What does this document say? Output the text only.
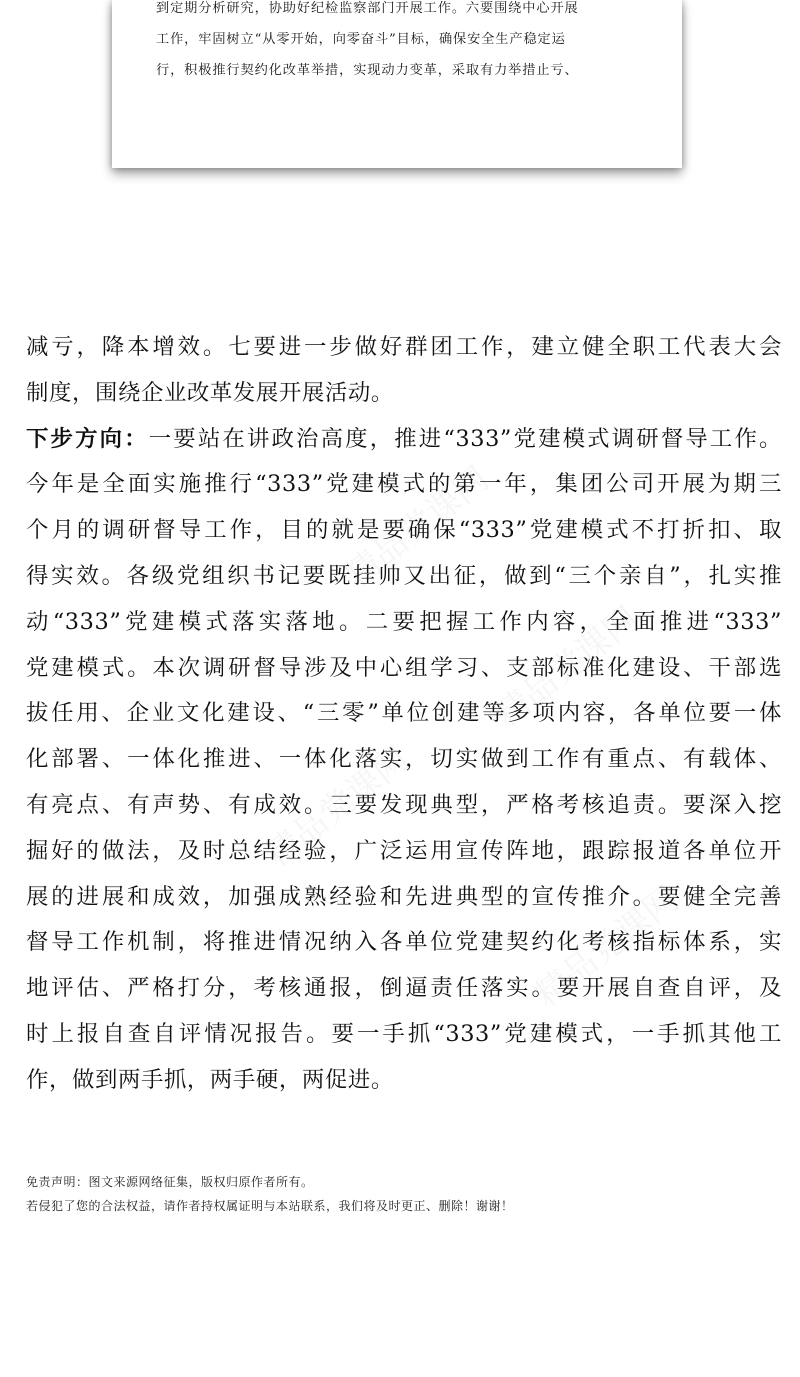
精品党课网
精品党课网
精品党课网
精品党课网
到定期分析研究，协助好纪检监察部门开展工作。六要围绕中心开展
工作，牢固树立“从零开始，向零奋斗”目标，确保安全生产稳定运
行，积极推行契约化改革举措，实现动力变革，采取有力举措止亏、
减亏，降本增效。七要进一步做好群团工作，建立健全职工代表大会
制度，围绕企业改革发展开展活动。
下步方向：一要站在讲政治高度，推进“333”党建模式调研督导工作。
今年是全面实施推行“333”党建模式的第一年，集团公司开展为期三
个月的调研督导工作，目的就是要确保“333”党建模式不打折扣、取
得实效。各级党组织书记要既挂帅又出征，做到“三个亲自”，扎实推
动“333”党建模式落实落地。二要把握工作内容，全面推进“333”
党建模式。本次调研督导涉及中心组学习、支部标准化建设、干部选
拔任用、企业文化建设、“三零”单位创建等多项内容，各单位要一体
化部署、一体化推进、一体化落实，切实做到工作有重点、有载体、
有亮点、有声势、有成效。三要发现典型，严格考核追责。要深入挖
掘好的做法，及时总结经验，广泛运用宣传阵地，跟踪报道各单位开
展的进展和成效，加强成熟经验和先进典型的宣传推介。要健全完善
督导工作机制，将推进情况纳入各单位党建契约化考核指标体系，实
地评估、严格打分，考核通报，倒逼责任落实。要开展自查自评，及
时上报自查自评情况报告。要一手抓“333”党建模式，一手抓其他工
作，做到两手抓，两手硬，两促进。
免责声明：图文来源网络征集，版权归原作者所有。
若侵犯了您的合法权益，请作者持权属证明与本站联系，我们将及时更正、删除！谢谢！
